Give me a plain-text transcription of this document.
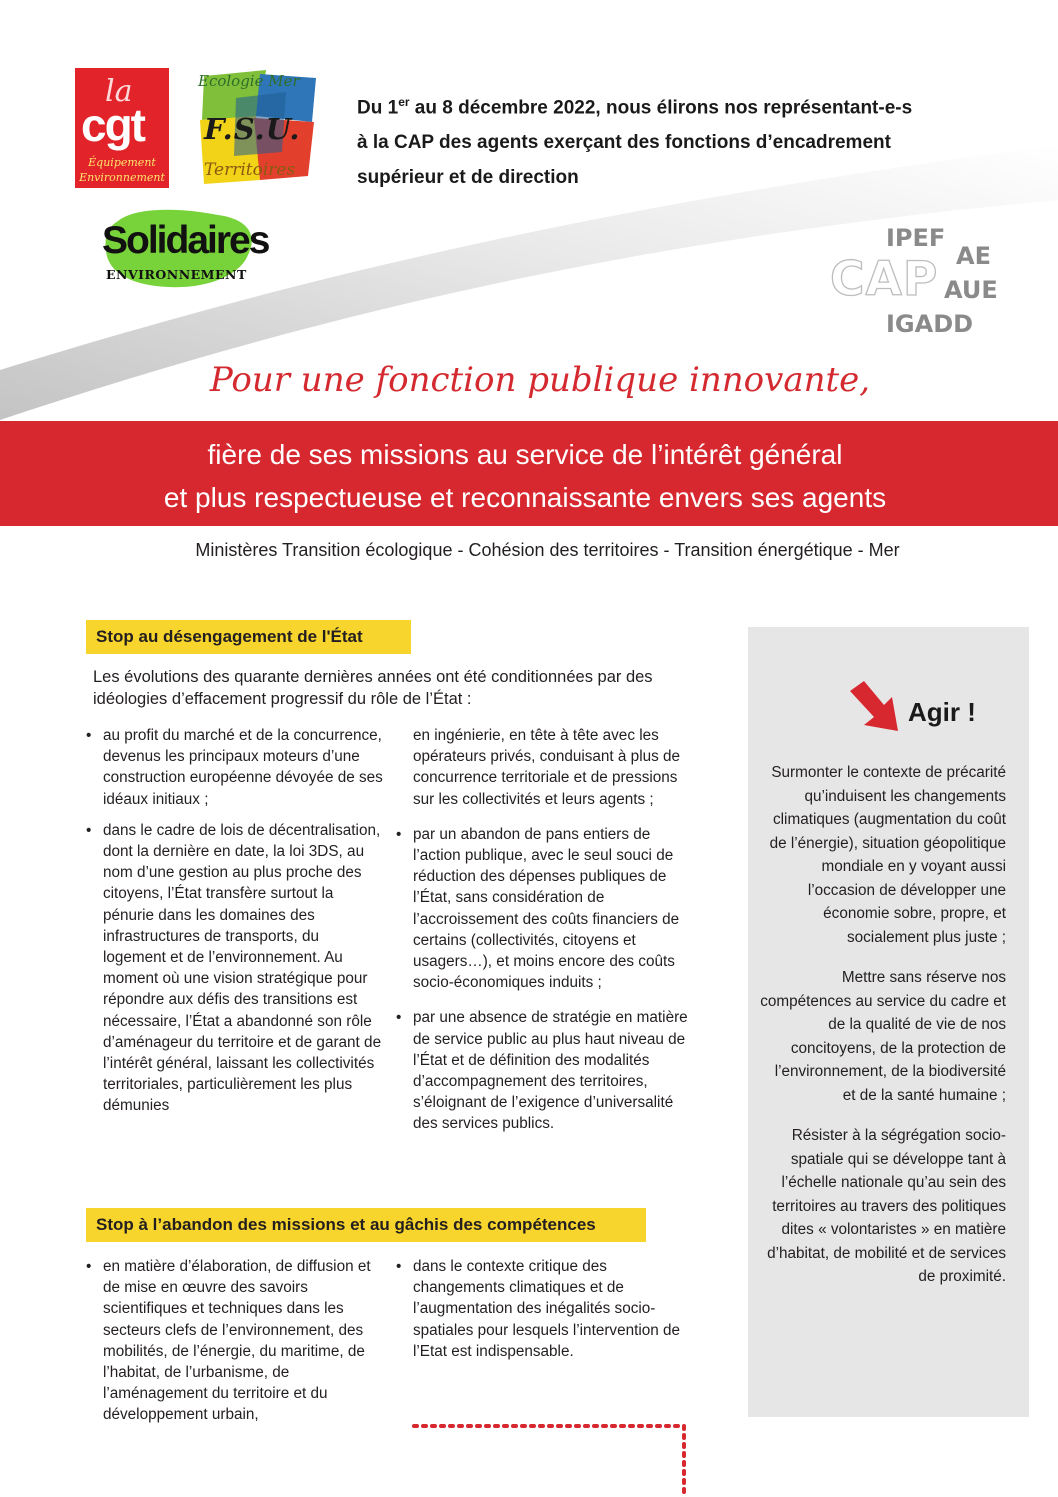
la
cgt
Équipement
Environnement
Ecologie Mer
F.S.U.
Territoires
Solidaires
ENVIRONNEMENT
Du 1er au 8 décembre 2022, nous élirons nos représentant-e-s
à la CAP des agents exerçant des fonctions d’encadrement
supérieur et de direction
IPEF
CAP AE
AUE
IGADD
Pour une fonction publique innovante,
fière de ses missions au service de l’intérêt général
et plus respectueuse et reconnaissante envers ses agents
Ministères Transition écologique - Cohésion des territoires - Transition énergétique - Mer
Stop au désengagement de l'État
Les évolutions des quarante dernières années ont été conditionnées par des idéologies d’effacement progressif du rôle de l’État :
• au profit du marché et de la concurrence, devenus les principaux moteurs d’une construction européenne dévoyée de ses idéaux initiaux ;
• dans le cadre de lois de décentralisation, dont la dernière en date, la loi 3DS, au nom d’une gestion au plus proche des citoyens, l’État transfère surtout la pénurie dans les domaines des infrastructures de transports, du logement et de l’environnement. Au moment où une vision stratégique pour répondre aux défis des transitions est nécessaire, l’État a abandonné son rôle d’aménageur du territoire et de garant de l’intérêt général, laissant les collectivités territoriales, particulièrement les plus démunies
en ingénierie, en tête à tête avec les opérateurs privés, conduisant à plus de concurrence territoriale et de pressions sur les collectivités et leurs agents ;
• par un abandon de pans entiers de l’action publique, avec le seul souci de réduction des dépenses publiques de l’État, sans considération de l’accroissement des coûts financiers de certains (collectivités, citoyens et usagers…), et moins encore des coûts socio-économiques induits ;
• par une absence de stratégie en matière de service public au plus haut niveau de l’État et de définition des modalités d’accompagnement des territoires, s’éloignant de l’exigence d’universalité des services publics.
Stop à l’abandon des missions et au gâchis des compétences
• en matière d’élaboration, de diffusion et de mise en œuvre des savoirs scientifiques et techniques dans les secteurs clefs de l’environnement, des mobilités, de l’énergie, du maritime, de l’habitat, de l’urbanisme, de l’aménagement du territoire et du développement urbain,
• dans le contexte critique des changements climatiques et de l’augmentation des inégalités socio-spatiales pour lesquels l’intervention de l’Etat est indispensable.
Agir !

Surmonter le contexte de précarité qu’induisent les changements climatiques (augmentation du coût de l’énergie), situation géopolitique mondiale en y voyant aussi l’occasion de développer une économie sobre, propre, et socialement plus juste ;

Mettre sans réserve nos compétences au service du cadre et de la qualité de vie de nos concitoyens, de la protection de l’environnement, de la biodiversité et de la santé humaine ;

Résister à la ségrégation socio-spatiale qui se développe tant à l’échelle nationale qu’au sein des territoires au travers des politiques dites « volontaristes » en matière d’habitat, de mobilité et de services de proximité.
